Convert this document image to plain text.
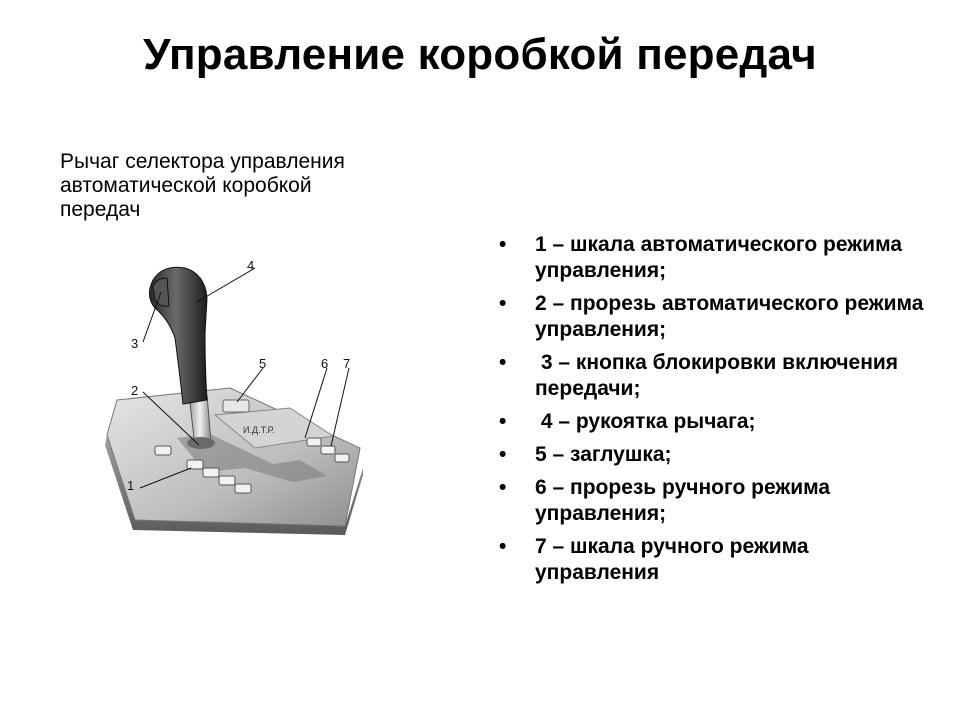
Управление коробкой передач
Рычаг селектора управления
автоматической коробкой
передач
И.Д.Т.Р.
1
2
3
4
5	6 7
• 1 – шкала автоматического режима управления;
• 2 – прорезь автоматического режима управления;
•  3 – кнопка блокировки включения передачи;
•  4 – рукоятка рычага;
• 5 – заглушка;
• 6 – прорезь ручного режима управления;
• 7 – шкала ручного режима управления
